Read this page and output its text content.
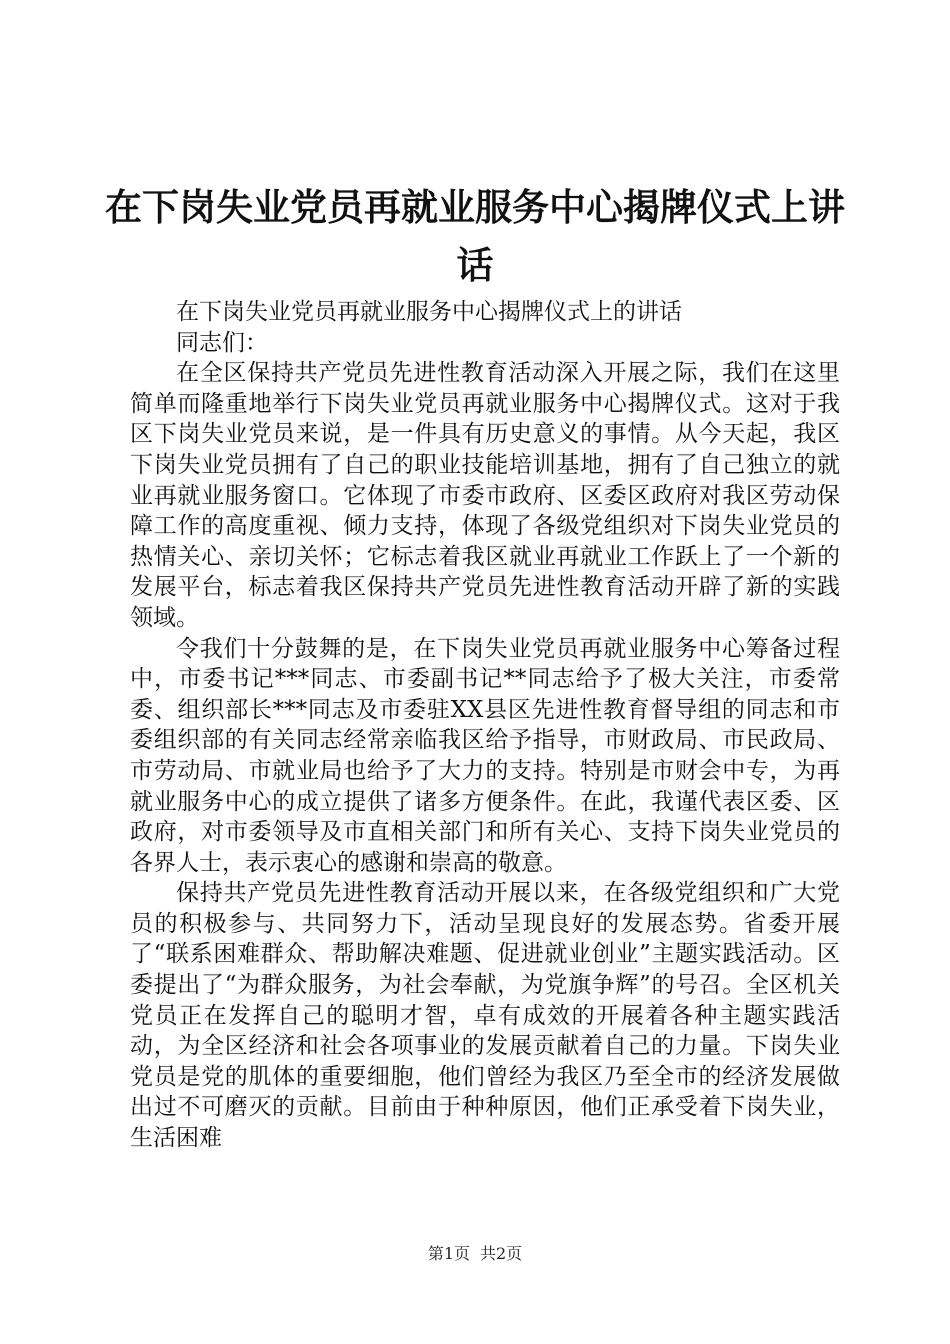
在下岗失业党员再就业服务中心揭牌仪式上讲话

在下岗失业党员再就业服务中心揭牌仪式上的讲话

同志们：

在全区保持共产党员先进性教育活动深入开展之际，我们在这里简单而隆重地举行下岗失业党员再就业服务中心揭牌仪式。这对于我区下岗失业党员来说，是一件具有历史意义的事情。从今天起，我区下岗失业党员拥有了自己的职业技能培训基地，拥有了自己独立的就业再就业服务窗口。它体现了市委市政府、区委区政府对我区劳动保障工作的高度重视、倾力支持，体现了各级党组织对下岗失业党员的热情关心、亲切关怀；它标志着我区就业再就业工作跃上了一个新的发展平台，标志着我区保持共产党员先进性教育活动开辟了新的实践领域。

令我们十分鼓舞的是，在下岗失业党员再就业服务中心筹备过程中，市委书记***同志、市委副书记**同志给予了极大关注，市委常委、组织部长***同志及市委驻XX县区先进性教育督导组的同志和市委组织部的有关同志经常亲临我区给予指导，市财政局、市民政局、市劳动局、市就业局也给予了大力的支持。特别是市财会中专，为再就业服务中心的成立提供了诸多方便条件。在此，我谨代表区委、区政府，对市委领导及市直相关部门和所有关心、支持下岗失业党员的各界人士，表示衷心的感谢和崇高的敬意。

保持共产党员先进性教育活动开展以来，在各级党组织和广大党员的积极参与、共同努力下，活动呈现良好的发展态势。省委开展了“联系困难群众、帮助解决难题、促进就业创业”主题实践活动。区委提出了“为群众服务，为社会奉献，为党旗争辉”的号召。全区机关党员正在发挥自己的聪明才智，卓有成效的开展着各种主题实践活动，为全区经济和社会各项事业的发展贡献着自己的力量。下岗失业党员是党的肌体的重要细胞，他们曾经为我区乃至全市的经济发展做出过不可磨灭的贡献。目前由于种种原因，他们正承受着下岗失业，生活困难

第1页 共2页
